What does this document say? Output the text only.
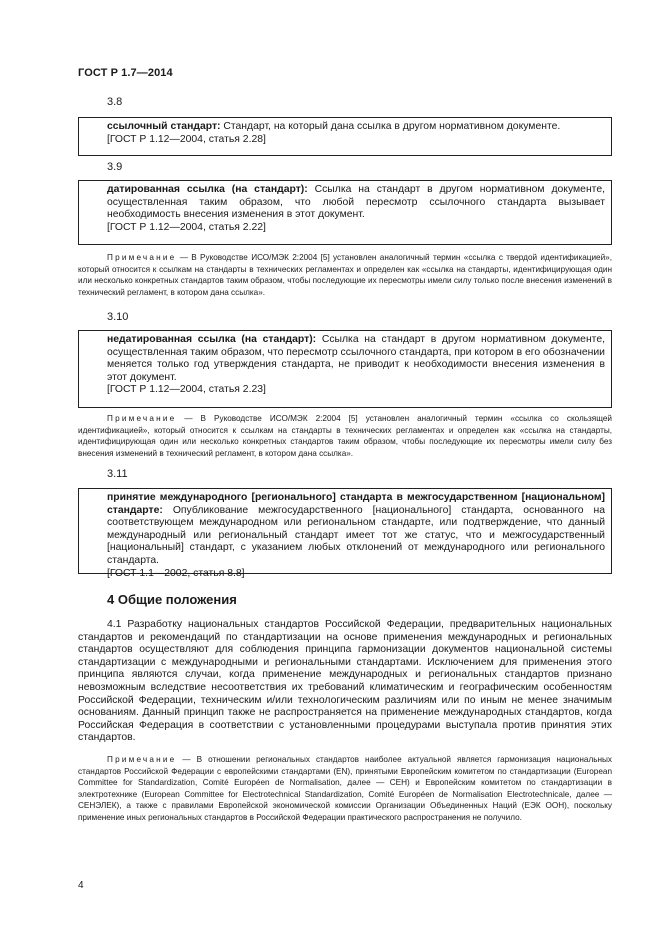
ГОСТ Р 1.7—2014
3.8

ссылочный стандарт: Стандарт, на который дана ссылка в другом нормативном документе.

[ГОСТ Р 1.12—2004, статья 2.28]

3.9

датированная ссылка (на стандарт): Ссылка на стандарт в другом нормативном документе, осуществленная таким образом, что любой пересмотр ссылочного стандарта вызывает необходимость внесения изменения в этот документ.

[ГОСТ Р 1.12—2004, статья 2.22]

Примечание — В Руководстве ИСО/МЭК 2:2004 [5] установлен аналогичный термин «ссылка с твердой идентификацией», который относится к ссылкам на стандарты в технических регламентах и определен как «ссылка на стандарты, идентифицирующая один или несколько конкретных стандартов таким образом, чтобы последующие их пересмотры имели силу только после внесения изменений в технический регламент, в котором дана ссылка».
3.10

недатированная ссылка (на стандарт): Ссылка на стандарт в другом нормативном документе, осуществленная таким образом, что пересмотр ссылочного стандарта, при котором в его обозначении меняется только год утверждения стандарта, не приводит к необходимости внесения изменения в этот документ.

[ГОСТ Р 1.12—2004, статья 2.23]

Примечание — В Руководстве ИСО/МЭК 2:2004 [5] установлен аналогичный термин «ссылка со скользящей идентификацией», который относится к ссылкам на стандарты в технических регламентах и определен как «ссылка на стандарты, идентифицирующая один или несколько конкретных стандартов таким образом, чтобы последующие их пересмотры имели силу без внесения изменений в технический регламент, в котором дана ссылка».
3.11

принятие международного [регионального] стандарта в межгосударственном [национальном] стандарте: Опубликование межгосударственного [национального] стандарта, основанного на соответствующем международном или региональном стандарте, или подтверждение, что данный международный или региональный стандарт имеет тот же статус, что и межгосударственный [национальный] стандарт, с указанием любых отклонений от международного или регионального стандарта.

[ГОСТ 1.1—2002, статья 8.8]

4 Общие положения
4.1 Разработку национальных стандартов Российской Федерации, предварительных национальных стандартов и рекомендаций по стандартизации на основе применения международных и региональных стандартов осуществляют для соблюдения принципа гармонизации документов национальной системы стандартизации с международными и региональными стандартами. Исключением для применения этого принципа являются случаи, когда применение международных и региональных стандартов признано невозможным вследствие несоответствия их требований климатическим и географическим особенностям Российской Федерации, техническим и/или технологическим различиям или по иным не менее значимым основаниям. Данный принцип также не распространяется на применение международных стандартов, когда Российская Федерация в соответствии с установленными процедурами выступала против принятия этих стандартов.
Примечание — В отношении региональных стандартов наиболее актуальной является гармонизация национальных стандартов Российской Федерации с европейскими стандартами (EN), принятыми Европейским комитетом по стандартизации (European Committee for Standardization, Comité Européen de Normalisation, далее — CEH) и Европейским комитетом по стандартизации в электротехнике (European Committee for Electrotechnical Standardization, Comité Européen de Normalisation Electrotechnicale, далее — CEHЭЛЕК), а также с правилами Европейской экономической комиссии Организации Объединенных Наций (ЕЭК ООН), поскольку применение иных региональных стандартов в Российской Федерации практического распространения не получило.
4
